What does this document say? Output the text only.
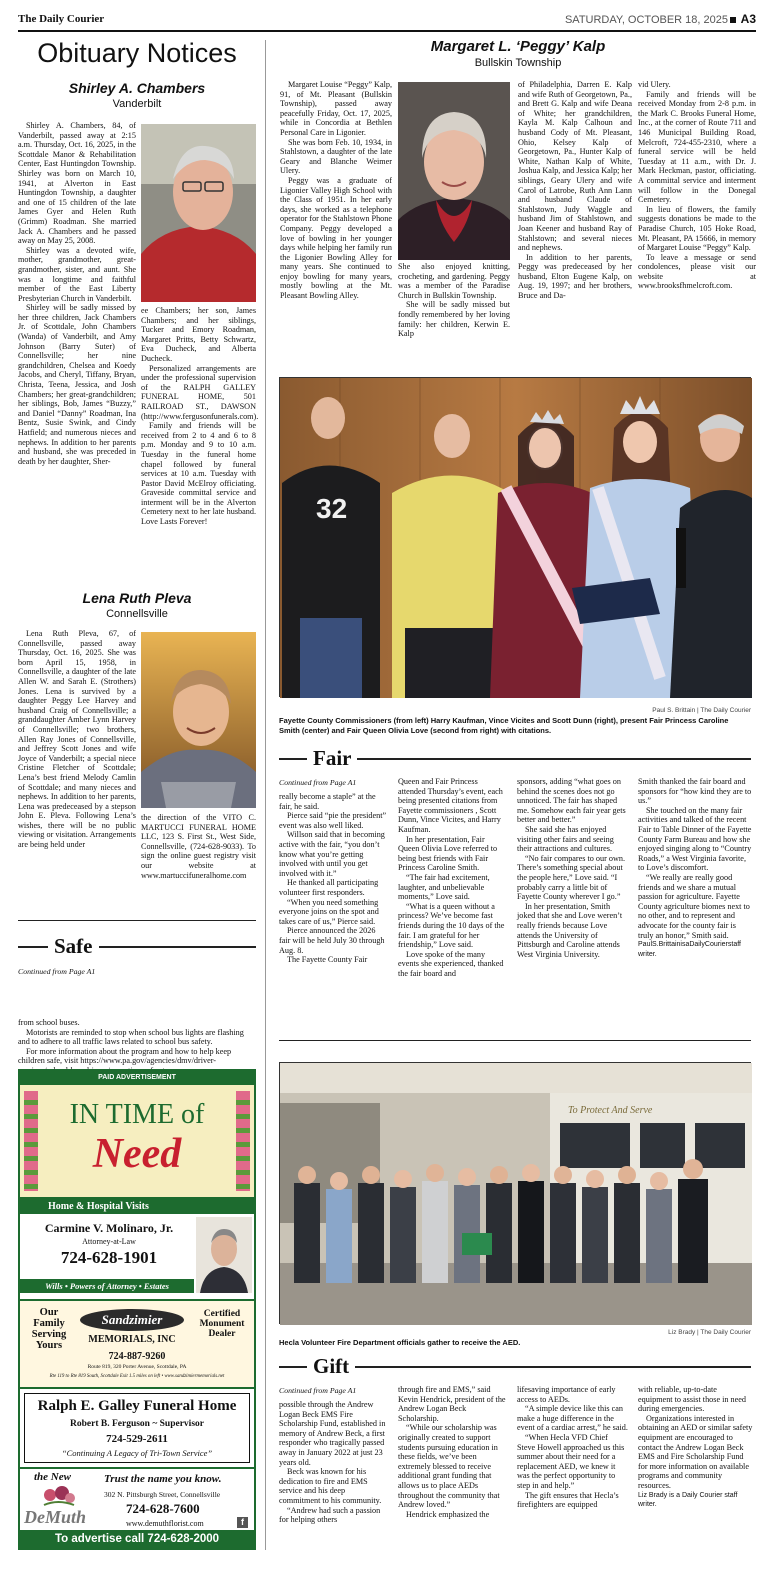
The Daily Courier	SATURDAY, OCTOBER 18, 2025 A3
Obituary Notices
Shirley A. Chambers
Vanderbilt

Shirley A. Chambers, 84, of Vanderbilt, passed away at 2:15 a.m. Thursday, Oct. 16, 2025, in the Scottdale Manor & Rehabilitation Center, East Huntingdon Township. Shirley was born on March 10, 1941, at Alverton in East Huntingdon Township, a daughter and one of 15 children of the late James Gyer and Helen Ruth (Grimm) Roadman. She married Jack A. Chambers and he passed away on May 25, 2008.

Shirley was a devoted wife, mother, grandmother, great-grandmother, sister, and aunt. She was a longtime and faithful member of the East Liberty Presbyterian Church in Vanderbilt.

Shirley will be sadly missed by her three children, Jack Chambers Jr. of Scottdale, John Chambers (Wanda) of Vanderbilt, and Amy Johnson (Barry Suter) of Connellsville; her nine grandchildren, Chelsea and Koedy Jacobs, and Cheryl, Tiffany, Bryan, Christa, Teena, Jessica, and Josh Chambers; her great-grandchildren; her siblings, Bob, James “Buzzy,” and Daniel “Danny” Roadman, Ina Bentz, Susie Swink, and Cindy Hatfield; and numerous nieces and nephews. In addition to her parents and husband, she was preceded in death by her daughter, Sher-

ee Chambers; her son, James Chambers; and her siblings, Tucker and Emory Roadman, Margaret Pritts, Betty Schwartz, Eva Ducheck, and Alberta Ducheck.

Personalized arrangements are under the professional supervision of the RALPH GALLEY FUNERAL HOME, 501 RAILROAD ST., DAWSON (http://www.fergusonfunerals.com).

Family and friends will be received from 2 to 4 and 6 to 8 p.m. Monday and 9 to 10 a.m. Tuesday in the funeral home chapel followed by funeral services at 10 a.m. Tuesday with Pastor David McElroy officiating. Graveside committal service and interment will be in the Alverton Cemetery next to her late husband. Love Lasts Forever!

Lena Ruth Pleva
Connellsville

Lena Ruth Pleva, 67, of Connellsville, passed away Thursday, Oct. 16, 2025. She was born April 15, 1958, in Connellsville, a daughter of the late Allen W. and Sarah E. (Strothers) Jones. Lena is survived by a daughter Peggy Lee Harvey and husband Craig of Connellsville; a granddaughter Amber Lynn Harvey of Connellsville; two brothers, Allen Ray Jones of Connellsville, and Jeffrey Scott Jones and wife Joyce of Vanderbilt; a special niece Cristine Fletcher of Scottdale; Lena’s best friend Melody Camlin of Scottdale; and many nieces and nephews. In addition to her parents, Lena was predeceased by a stepson John E. Pleva. Following Lena’s wishes, there will be no public viewing or visitation. Arrangements are being held under

the direction of the VITO C. MARTUCCI FUNERAL HOME LLC, 123 S. First St., West Side, Connellsville, (724-628-9033). To sign the online guest registry visit our website at www.martuccifuneralhome.com

Safe
Continued from Page A1

from school buses.

Motorists are reminded to stop when school bus lights are flashing and to adhere to all traffic laws related to school bus safety.

For more information about the program and how to help keep children safe, visit https://www.pa.gov/agencies/dmv/driver-

PAID ADVERTISEMENT
IN TIME of
Need
Home & Hospital Visits
Carmine V. Molinaro, Jr.
Attorney-at-Law
724-628-1901
Wills • Powers of Attorney • Estates
Our Family Serving Yours
Sandzimier
MEMORIALS, INC
Certified Monument Dealer
724-887-9260
Route 819, 320 Porter Avenue, Scottdale, PA
Rte 119 to Rte 819 South, Scottdale Exit 1.5 miles on left • www.sandzimiermemorials.net
Ralph E. Galley Funeral Home
Robert B. Ferguson ~ Supervisor
724-529-2611
“Continuing A Legacy of Tri-Town Service”
the New
DeMuth
Trust the name you know.
302 N. Pittsburgh Street, Connellsville
724-628-7600
www.demuthflorist.com	f
To advertise call 724-628-2000
Margaret L. ‘Peggy’ Kalp
Bullskin Township

Margaret Louise “Peggy” Kalp, 91, of Mt. Pleasant (Bullskin Township), passed away peacefully Friday, Oct. 17, 2025, while in Concordia at Bethlen Personal Care in Ligonier.

She was born Feb. 10, 1934, in Stahlstown, a daughter of the late Geary and Blanche Weimer Ulery.

Peggy was a graduate of Ligonier Valley High School with the Class of 1951. In her early days, she worked as a telephone operator for the Stahlstown Phone Company. Peggy developed a love of bowling in her younger days while helping her family run the Ligonier Bowling Alley for many years. She continued to enjoy bowling for many years, mostly bowling at the Mt. Pleasant Bowling Alley.

She also enjoyed knitting, crocheting, and gardening. Peggy was a member of the Paradise Church in Bullskin Township.

She will be sadly missed but fondly remembered by her loving family: her children, Kerwin E. Kalp

of Philadelphia, Darren E. Kalp and wife Ruth of Georgetown, Pa., and Brett G. Kalp and wife Deana of White; her grandchildren, Kayla M. Kalp Calhoun and husband Cody of Mt. Pleasant, Ohio, Kelsey Kalp of Georgetown, Pa., Hunter Kalp of White, Nathan Kalp of White, Joshua Kalp, and Jessica Kalp; her siblings, Geary Ulery and wife Carol of Latrobe, Ruth Ann Lann and husband Claude of Stahlstown, Judy Waggle and husband Jim of Stahlstown, and Joan Keener and husband Ray of Stahlstown; and several nieces and nephews.

In addition to her parents, Peggy was predeceased by her husband, Elton Eugene Kalp, on Aug. 19, 1997; and her brothers, Bruce and Da-

vid Ulery.

Family and friends will be received Monday from 2-8 p.m. in the Mark C. Brooks Funeral Home, Inc., at the corner of Route 711 and 146 Municipal Building Road, Melcroft, 724-455-2310, where a funeral service will be held Tuesday at 11 a.m., with Dr. J. Mark Heckman, pastor, officiating. A committal service and interment will follow in the Donegal Cemetery.

In lieu of flowers, the family suggests donations be made to the Paradise Church, 105 Hoke Road, Mt. Pleasant, PA 15666, in memory of Margaret Louise “Peggy” Kalp.

To leave a message or send condolences, please visit our website at www.brooksfhmelcroft.com.

32
Paul S. Brittain | The Daily Courier
Fayette County Commissioners (from left) Harry Kaufman, Vince Vicites and Scott Dunn (right), present Fair Princess Caroline Smith (center) and Fair Queen Olivia Love (second from right) with citations.
Fair
Continued from Page A1

really become a staple” at the fair, he said.

Pierce said “pie the president” event was also well liked.

Willson said that in becoming active with the fair, “you don’t know what you’re getting involved with until you get involved with it.”

He thanked all participating volunteer first responders.

“When you need something everyone joins on the spot and takes care of us,” Pierce said.

Pierce announced the 2026 fair will be held July 30 through Aug. 8.

The Fayette County Fair

Queen and Fair Princess attended Thursday’s event, each being presented citations from Fayette commissioners , Scott Dunn, Vince Vicites, and Harry Kaufman.

In her presentation, Fair Queen Olivia Love referred to being best friends with Fair Princess Caroline Smith.

“The fair had excitement, laughter, and unbelievable moments,” Love said.

“What is a queen without a princess? We’ve become fast friends during the 10 days of the fair. I am grateful for her friendship,” Love said.

Love spoke of the many events she experienced, thanked the fair board and

sponsors, adding “what goes on behind the scenes does not go unnoticed. The fair has shaped me. Somehow each fair year gets better and better.”

She said she has enjoyed visiting other fairs and seeing their attractions and cultures.

“No fair compares to our own. There’s something special about the people here,” Love said. “I probably carry a little bit of Fayette County wherever I go.”

In her presentation, Smith joked that she and Love weren’t really friends because Love attends the University of Pittsburgh and Caroline attends West Virginia University.

Smith thanked the fair board and sponsors for “how kind they are to us.”

She touched on the many fair activities and talked of the recent Fair to Table Dinner of the Fayette County Farm Bureau and how she enjoyed singing along to “Country Roads,” a West Virginia favorite, to Love’s discomfort.

“We really are really good friends and we share a mutual passion for agriculture. Fayette County agriculture biomes next to no other, and to represent and advocate for the county fair is truly an honor,” Smith said.

PaulS.BrittainisaDailyCourierstaff writer.

To Protect And Serve
Liz Brady | The Daily Courier
Hecla Volunteer Fire Department officials gather to receive the AED.
Gift
Continued from Page A1

possible through the Andrew Logan Beck EMS Fire Scholarship Fund, established in memory of Andrew Beck, a first responder who tragically passed away in January 2022 at just 23 years old.

Beck was known for his dedication to fire and EMS service and his deep commitment to his community.

“Andrew had such a passion for helping others

through fire and EMS,” said Kevin Hendrick, president of the Andrew Logan Beck Scholarship.

“While our scholarship was originally created to support students pursuing education in these fields, we’ve been extremely blessed to receive additional grant funding that allows us to place AEDs throughout the community that Andrew loved.”

Hendrick emphasized the

lifesaving importance of early access to AEDs.

“A simple device like this can make a huge difference in the event of a cardiac arrest,” he said.

“When Hecla VFD Chief Steve Howell approached us this summer about their need for a replacement AED, we knew it was the perfect opportunity to step in and help.”

The gift ensures that Hecla’s firefighters are equipped

with reliable, up-to-date equipment to assist those in need during emergencies.

Organizations interested in obtaining an AED or similar safety equipment are encouraged to contact the Andrew Logan Beck EMS and Fire Scholarship Fund for more information on available programs and community resources.

Liz Brady is a Daily Courier staff writer.
